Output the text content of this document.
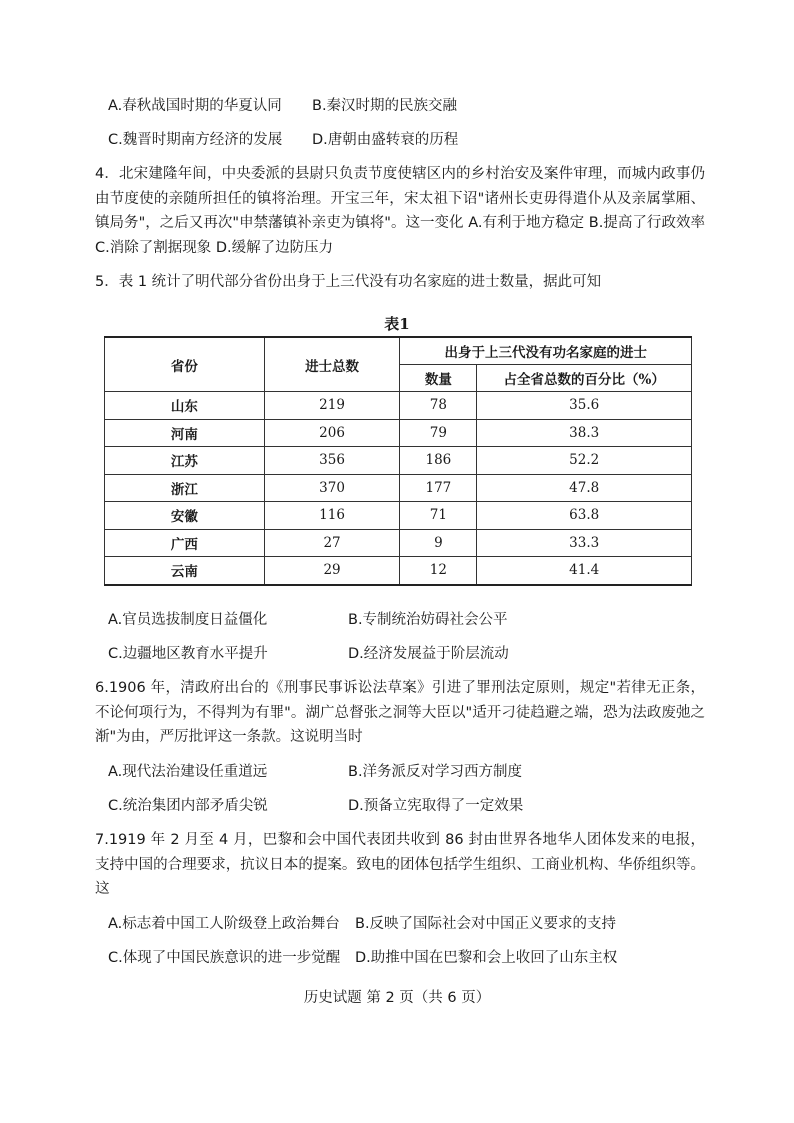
A.春秋战国时期的华夏认同 B.秦汉时期的民族交融
C.魏晋时期南方经济的发展 D.唐朝由盛转衰的历程
4．北宋建隆年间，中央委派的县尉只负责节度使辖区内的乡村治安及案件审理，而城内政事仍由节度使的亲随所担任的镇将治理。开宝三年，宋太祖下诏"诸州长吏毋得遣仆从及亲属掌厢、镇局务"，之后又再次"申禁藩镇补亲吏为镇将"。这一变化 A.有利于地方稳定 B.提高了行政效率 C.消除了割据现象 D.缓解了边防压力
5．表 1 统计了明代部分省份出身于上三代没有功名家庭的进士数量，据此可知
表1
省份	进士总数	出身于上三代没有功名家庭的进士	
		数量	占全省总数的百分比（%）
山东	219	78	35.6
河南	206	79	38.3
江苏	356	186	52.2
浙江	370	177	47.8
安徽	116	71	63.8
广西	27	9	33.3
云南	29	12	41.4
A.官员选拔制度日益僵化	B.专制统治妨碍社会公平
C.边疆地区教育水平提升	D.经济发展益于阶层流动
6.1906 年，清政府出台的《刑事民事诉讼法草案》引进了罪刑法定原则，规定"若律无正条，不论何项行为，不得判为有罪"。湖广总督张之洞等大臣以"适开刁徒趋避之端，恐为法政废弛之渐"为由，严厉批评这一条款。这说明当时
A.现代法治建设任重道远	B.洋务派反对学习西方制度
C.统治集团内部矛盾尖锐	D.预备立宪取得了一定效果
7.1919 年 2 月至 4 月，巴黎和会中国代表团共收到 86 封由世界各地华人团体发来的电报，支持中国的合理要求，抗议日本的提案。致电的团体包括学生组织、工商业机构、华侨组织等。这
A.标志着中国工人阶级登上政治舞台 B.反映了国际社会对中国正义要求的支持
C.体现了中国民族意识的进一步觉醒 D.助推中国在巴黎和会上收回了山东主权
历史试题 第 2 页（共 6 页）
